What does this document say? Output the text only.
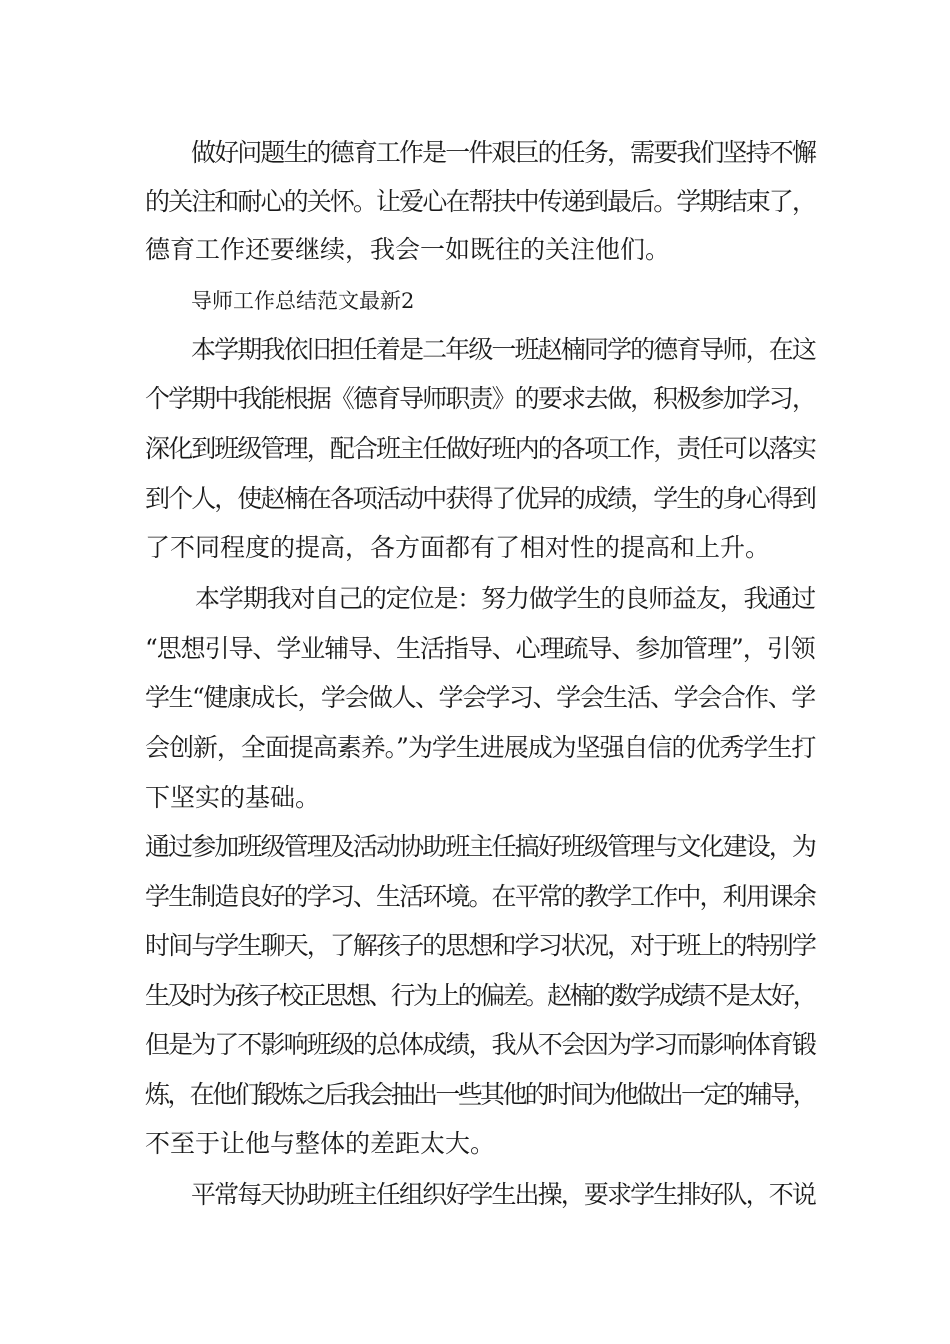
做好问题生的德育工作是一件艰巨的任务，需要我们坚持不懈
的关注和耐心的关怀。让爱心在帮扶中传递到最后。学期结束了，
德育工作还要继续，我会一如既往的关注他们。
导师工作总结范文最新2
本学期我依旧担任着是二年级一班赵楠同学的德育导师，在这
个学期中我能根据《德育导师职责》的要求去做，积极参加学习，
深化到班级管理，配合班主任做好班内的各项工作，责任可以落实
到个人，使赵楠在各项活动中获得了优异的成绩，学生的身心得到
了不同程度的提高，各方面都有了相对性的提高和上升。
本学期我对自己的定位是：努力做学生的良师益友，我通过
“思想引导、学业辅导、生活指导、心理疏导、参加管理”，引领
学生“健康成长，学会做人、学会学习、学会生活、学会合作、学
会创新，全面提高素养。”为学生进展成为坚强自信的优秀学生打
下坚实的基础。
通过参加班级管理及活动协助班主任搞好班级管理与文化建设，为
学生制造良好的学习、生活环境。在平常的教学工作中，利用课余
时间与学生聊天，了解孩子的思想和学习状况，对于班上的特别学
生及时为孩子校正思想、行为上的偏差。赵楠的数学成绩不是太好，
但是为了不影响班级的总体成绩，我从不会因为学习而影响体育锻
炼，在他们锻炼之后我会抽出一些其他的时间为他做出一定的辅导，
不至于让他与整体的差距太大。
平常每天协助班主任组织好学生出操，要求学生排好队，不说
